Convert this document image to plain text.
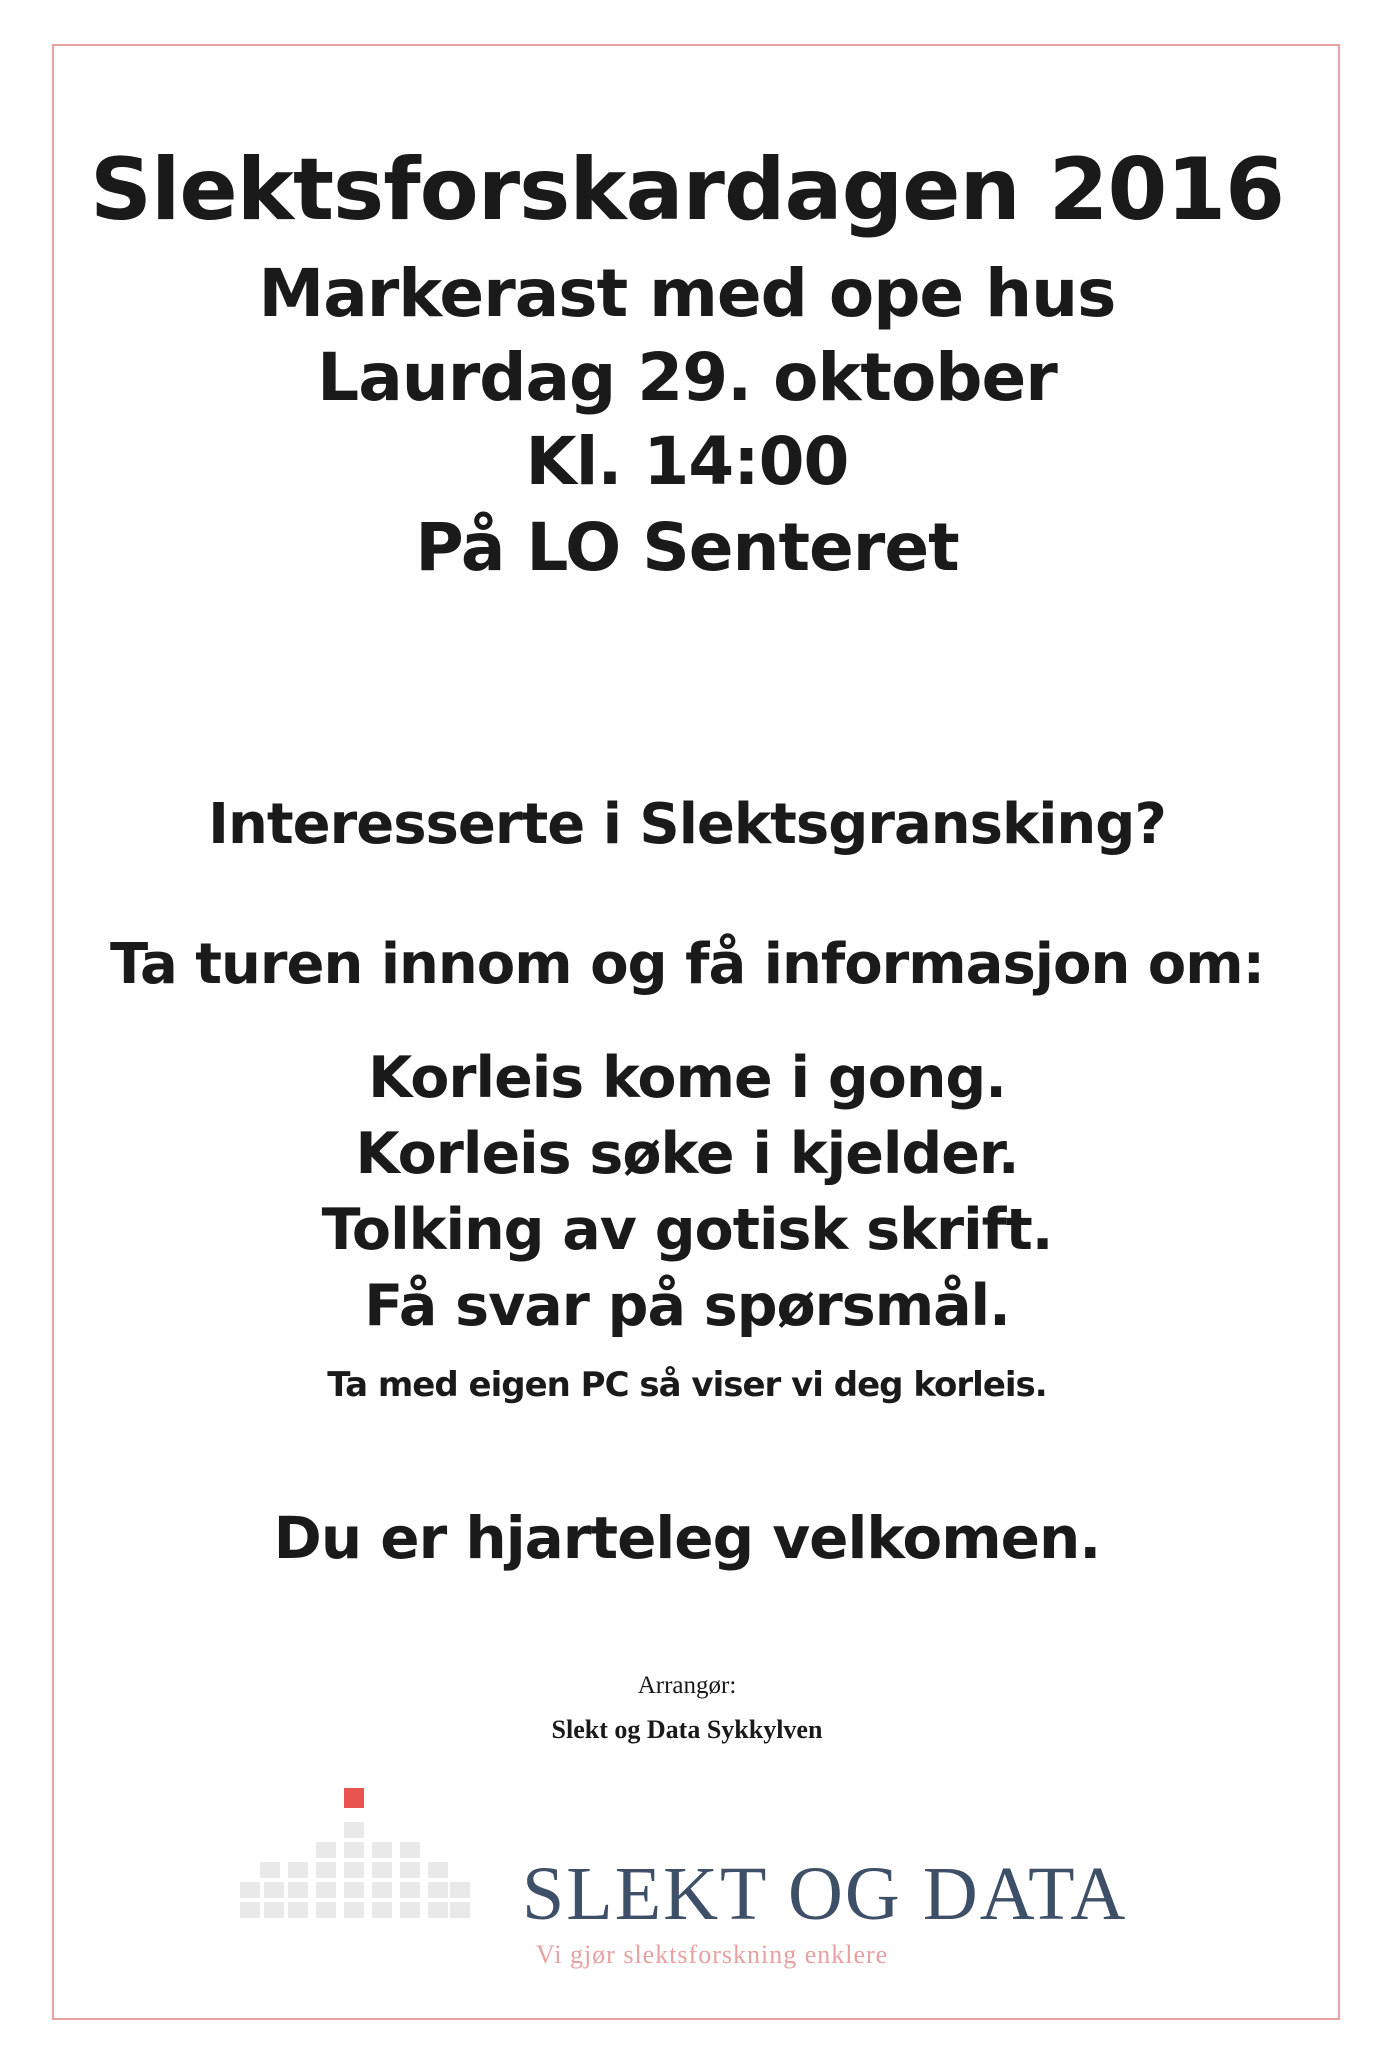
Slektsforskardagen 2016
Markerast med ope hus
Laurdag 29. oktober
Kl. 14:00
På LO Senteret
Interesserte i Slektsgransking?
Ta turen innom og få informasjon om:
Korleis kome i gong.
Korleis søke i kjelder.
Tolking av gotisk skrift.
Få svar på spørsmål.
Ta med eigen PC så viser vi deg korleis.
Du er hjarteleg velkomen.
Arrangør:
Slekt og Data Sykkylven
SLEKT OG DATA
Vi gjør slektsforskning enklere
